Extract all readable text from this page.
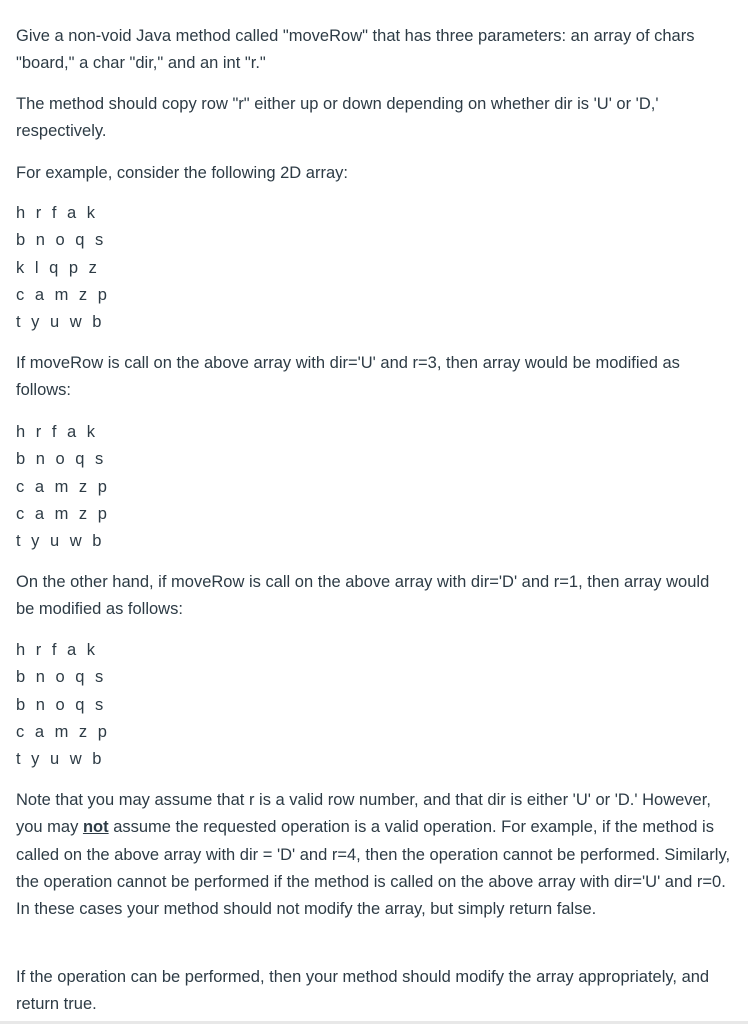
Give a non-void Java method called "moveRow" that has three parameters: an array of chars "board," a char "dir," and an int "r."

The method should copy row "r" either up or down depending on whether dir is 'U' or 'D,' respectively.

For example, consider the following 2D array:

h r f a k
b n o q s
k l q p z
c a m z p
t y u w b

If moveRow is call on the above array with dir='U' and r=3, then array would be modified as follows:

h r f a k
b n o q s
c a m z p
c a m z p
t y u w b

On the other hand, if moveRow is call on the above array with dir='D' and r=1, then array would be modified as follows:

h r f a k
b n o q s
b n o q s
c a m z p
t y u w b

Note that you may assume that r is a valid row number, and that dir is either 'U' or 'D.' However, you may not assume the requested operation is a valid operation. For example, if the method is called on the above array with dir = 'D' and r=4, then the operation cannot be performed. Similarly, the operation cannot be performed if the method is called on the above array with dir='U' and r=0. In these cases your method should not modify the array, but simply return false.

If the operation can be performed, then your method should modify the array appropriately, and return true.
